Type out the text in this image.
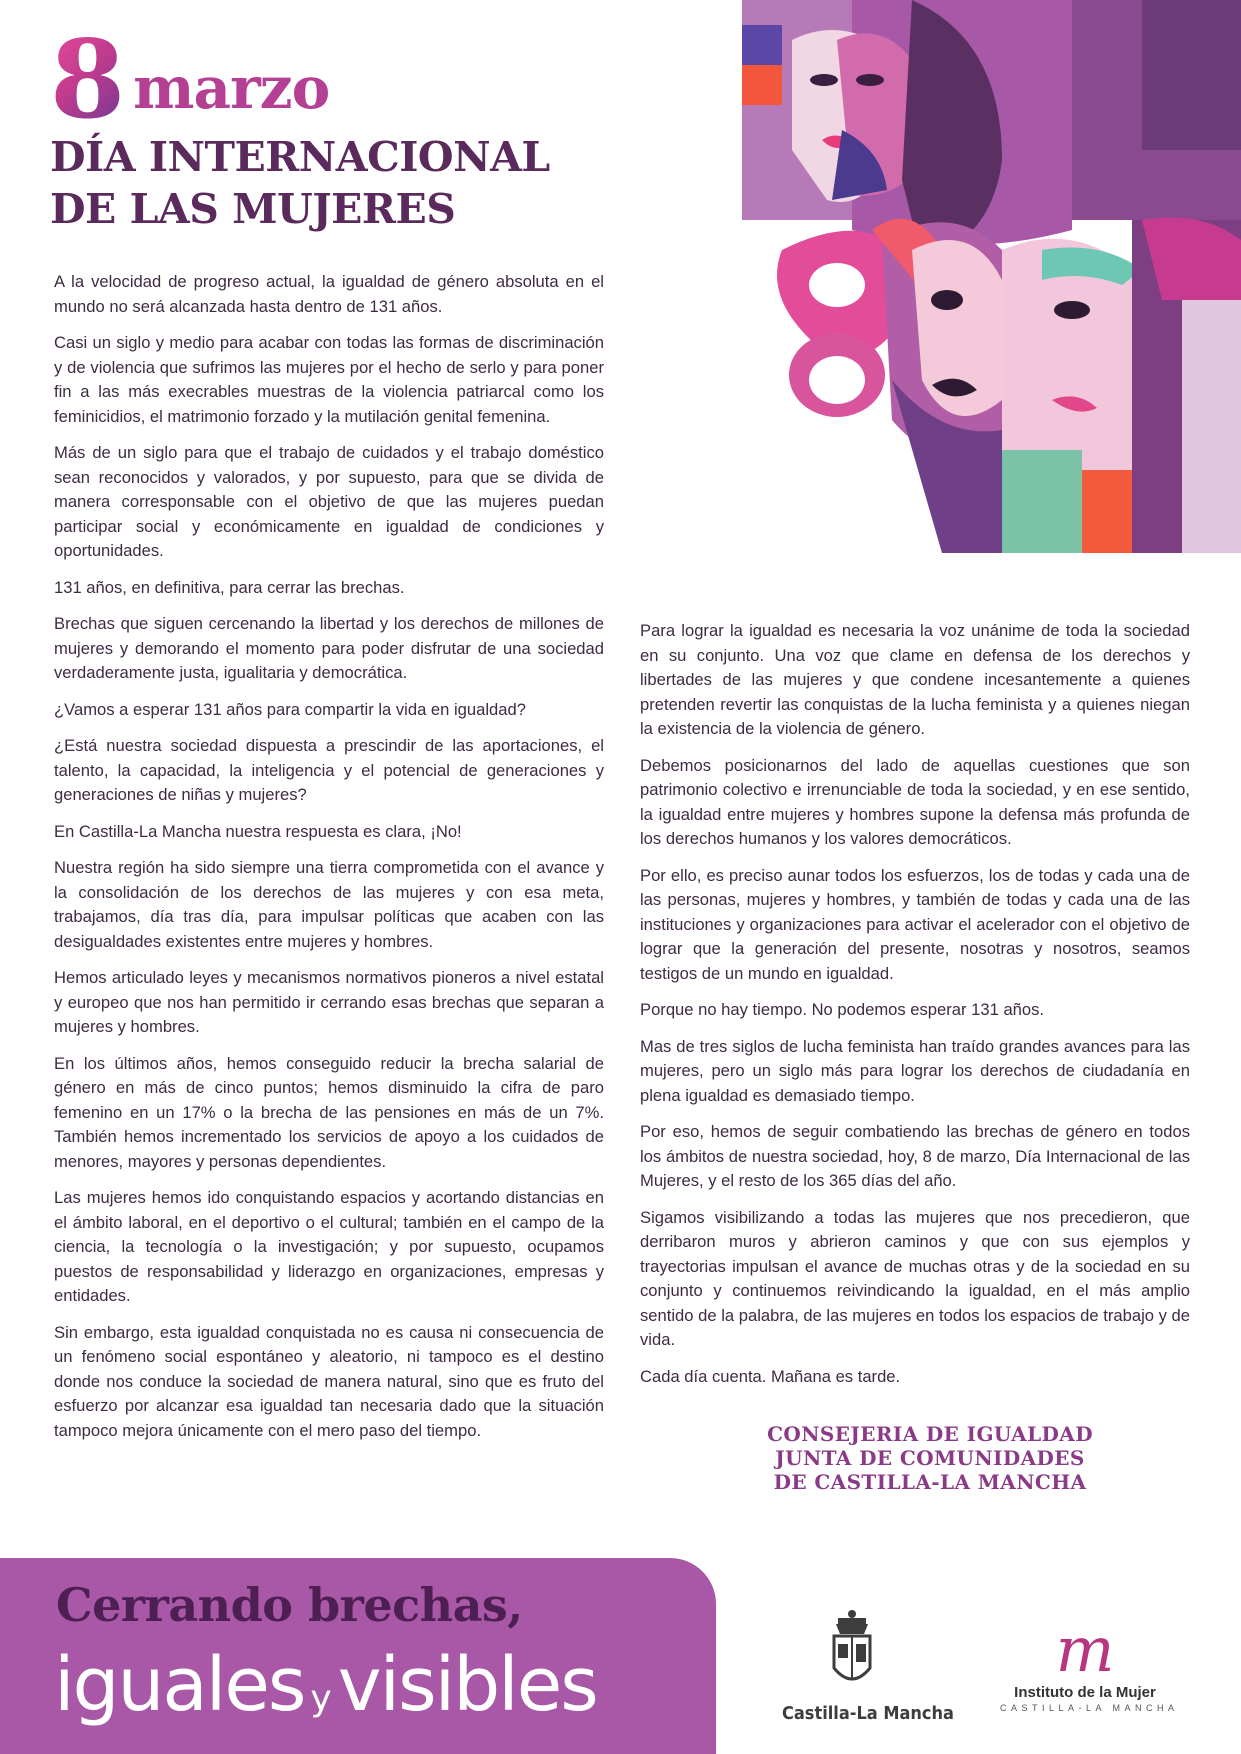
8 marzo
DÍA INTERNACIONAL
DE LAS MUJERES

A la velocidad de progreso actual, la igualdad de género absoluta en el mundo no será alcanzada hasta dentro de 131 años.

Casi un siglo y medio para acabar con todas las formas de discriminación y de violencia que sufrimos las mujeres por el hecho de serlo y para poner fin a las más execrables muestras de la violencia patriarcal como los feminicidios, el matrimonio forzado y la mutilación genital femenina.

Más de un siglo para que el trabajo de cuidados y el trabajo doméstico sean reconocidos y valorados, y por supuesto, para que se divida de manera corresponsable con el objetivo de que las mujeres puedan participar social y económicamente en igualdad de condiciones y oportunidades.

131 años, en definitiva, para cerrar las brechas.

Brechas que siguen cercenando la libertad y los derechos de millones de mujeres y demorando el momento para poder disfrutar de una sociedad verdaderamente justa, igualitaria y democrática.

¿Vamos a esperar 131 años para compartir la vida en igualdad?

¿Está nuestra sociedad dispuesta a prescindir de las aportaciones, el talento, la capacidad, la inteligencia y el potencial de generaciones y generaciones de niñas y mujeres?

En Castilla-La Mancha nuestra respuesta es clara, ¡No!

Nuestra región ha sido siempre una tierra comprometida con el avance y la consolidación de los derechos de las mujeres y con esa meta, trabajamos, día tras día, para impulsar políticas que acaben con las desigualdades existentes entre mujeres y hombres.

Hemos articulado leyes y mecanismos normativos pioneros a nivel estatal y europeo que nos han permitido ir cerrando esas brechas que separan a mujeres y hombres.

En los últimos años, hemos conseguido reducir la brecha salarial de género en más de cinco puntos; hemos disminuido la cifra de paro femenino en un 17% o la brecha de las pensiones en más de un 7%. También hemos incrementado los servicios de apoyo a los cuidados de menores, mayores y personas dependientes.

Las mujeres hemos ido conquistando espacios y acortando distancias en el ámbito laboral, en el deportivo o el cultural; también en el campo de la ciencia, la tecnología o la investigación; y por supuesto, ocupamos puestos de responsabilidad y liderazgo en organizaciones, empresas y entidades.

Sin embargo, esta igualdad conquistada no es causa ni consecuencia de un fenómeno social espontáneo y aleatorio, ni tampoco es el destino donde nos conduce la sociedad de manera natural, sino que es fruto del esfuerzo por alcanzar esa igualdad tan necesaria dado que la situación tampoco mejora únicamente con el mero paso del tiempo.

Para lograr la igualdad es necesaria la voz unánime de toda la sociedad en su conjunto. Una voz que clame en defensa de los derechos y libertades de las mujeres y que condene incesantemente a quienes pretenden revertir las conquistas de la lucha feminista y a quienes niegan la existencia de la violencia de género.

Debemos posicionarnos del lado de aquellas cuestiones que son patrimonio colectivo e irrenunciable de toda la sociedad, y en ese sentido, la igualdad entre mujeres y hombres supone la defensa más profunda de los derechos humanos y los valores democráticos.

Por ello, es preciso aunar todos los esfuerzos, los de todas y cada una de las personas, mujeres y hombres, y también de todas y cada una de las instituciones y organizaciones para activar el acelerador con el objetivo de lograr que la generación del presente, nosotras y nosotros, seamos testigos de un mundo en igualdad.

Porque no hay tiempo. No podemos esperar 131 años.

Mas de tres siglos de lucha feminista han traído grandes avances para las mujeres, pero un siglo más para lograr los derechos de ciudadanía en plena igualdad es demasiado tiempo.

Por eso, hemos de seguir combatiendo las brechas de género en todos los ámbitos de nuestra sociedad, hoy, 8 de marzo, Día Internacional de las Mujeres, y el resto de los 365 días del año.

Sigamos visibilizando a todas las mujeres que nos precedieron, que derribaron muros y abrieron caminos y que con sus ejemplos y trayectorias impulsan el avance de muchas otras y de la sociedad en su conjunto y continuemos reivindicando la igualdad, en el más amplio sentido de la palabra, de las mujeres en todos los espacios de trabajo y de vida.

Cada día cuenta. Mañana es tarde.

CONSEJERIA DE IGUALDAD
JUNTA DE COMUNIDADES
DE CASTILLA-LA MANCHA
Cerrando brechas,
iguales yvisibles	Castilla-La Mancha
m
Instituto de la Mujer
CASTILLA-LA MANCHA
